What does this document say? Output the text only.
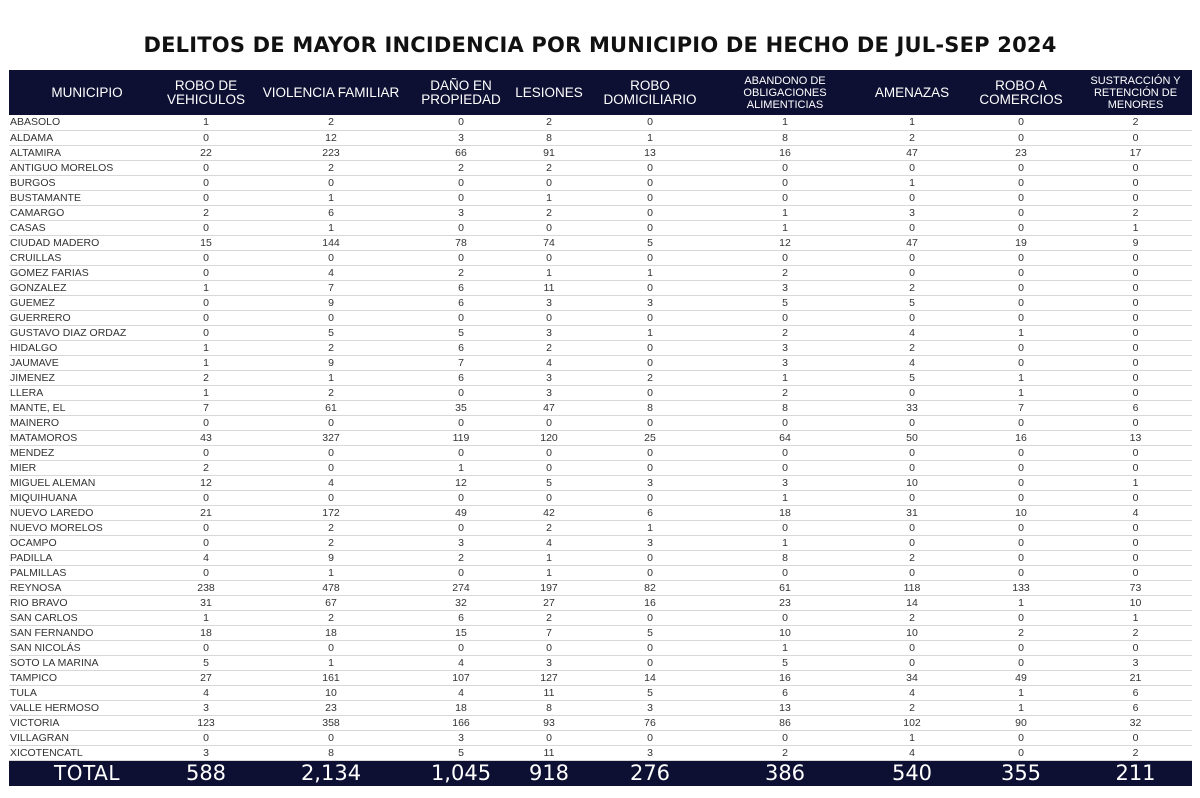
DELITOS DE MAYOR INCIDENCIA POR MUNICIPIO DE HECHO DE JUL-SEP 2024
MUNICIPIO	ROBO DE VEHICULOS	VIOLENCIA FAMILIAR	DAÑO EN PROPIEDAD	LESIONES	ROBO DOMICILIARIO	ABANDONO DE OBLIGACIONES ALIMENTICIAS	AMENAZAS	ROBO A COMERCIOS	SUSTRACCIÓN Y RETENCIÓN DE MENORES
ABASOLO	1	2	0	2	0	1	1	0	2
ALDAMA	0	12	3	8	1	8	2	0	0
ALTAMIRA	22	223	66	91	13	16	47	23	17
ANTIGUO MORELOS	0	2	2	2	0	0	0	0	0
BURGOS	0	0	0	0	0	0	1	0	0
BUSTAMANTE	0	1	0	1	0	0	0	0	0
CAMARGO	2	6	3	2	0	1	3	0	2
CASAS	0	1	0	0	0	1	0	0	1
CIUDAD MADERO	15	144	78	74	5	12	47	19	9
CRUILLAS	0	0	0	0	0	0	0	0	0
GOMEZ FARIAS	0	4	2	1	1	2	0	0	0
GONZALEZ	1	7	6	11	0	3	2	0	0
GUEMEZ	0	9	6	3	3	5	5	0	0
GUERRERO	0	0	0	0	0	0	0	0	0
GUSTAVO DIAZ ORDAZ	0	5	5	3	1	2	4	1	0
HIDALGO	1	2	6	2	0	3	2	0	0
JAUMAVE	1	9	7	4	0	3	4	0	0
JIMENEZ	2	1	6	3	2	1	5	1	0
LLERA	1	2	0	3	0	2	0	1	0
MANTE, EL	7	61	35	47	8	8	33	7	6
MAINERO	0	0	0	0	0	0	0	0	0
MATAMOROS	43	327	119	120	25	64	50	16	13
MENDEZ	0	0	0	0	0	0	0	0	0
MIER	2	0	1	0	0	0	0	0	0
MIGUEL ALEMAN	12	4	12	5	3	3	10	0	1
MIQUIHUANA	0	0	0	0	0	1	0	0	0
NUEVO LAREDO	21	172	49	42	6	18	31	10	4
NUEVO MORELOS	0	2	0	2	1	0	0	0	0
OCAMPO	0	2	3	4	3	1	0	0	0
PADILLA	4	9	2	1	0	8	2	0	0
PALMILLAS	0	1	0	1	0	0	0	0	0
REYNOSA	238	478	274	197	82	61	118	133	73
RIO BRAVO	31	67	32	27	16	23	14	1	10
SAN CARLOS	1	2	6	2	0	0	2	0	1
SAN FERNANDO	18	18	15	7	5	10	10	2	2
SAN NICOLÁS	0	0	0	0	0	1	0	0	0
SOTO LA MARINA	5	1	4	3	0	5	0	0	3
TAMPICO	27	161	107	127	14	16	34	49	21
TULA	4	10	4	11	5	6	4	1	6
VALLE HERMOSO	3	23	18	8	3	13	2	1	6
VICTORIA	123	358	166	93	76	86	102	90	32
VILLAGRAN	0	0	3	0	0	0	1	0	0
XICOTENCATL	3	8	5	11	3	2	4	0	2
TOTAL	588	2,134	1,045	918	276	386	540	355	211
